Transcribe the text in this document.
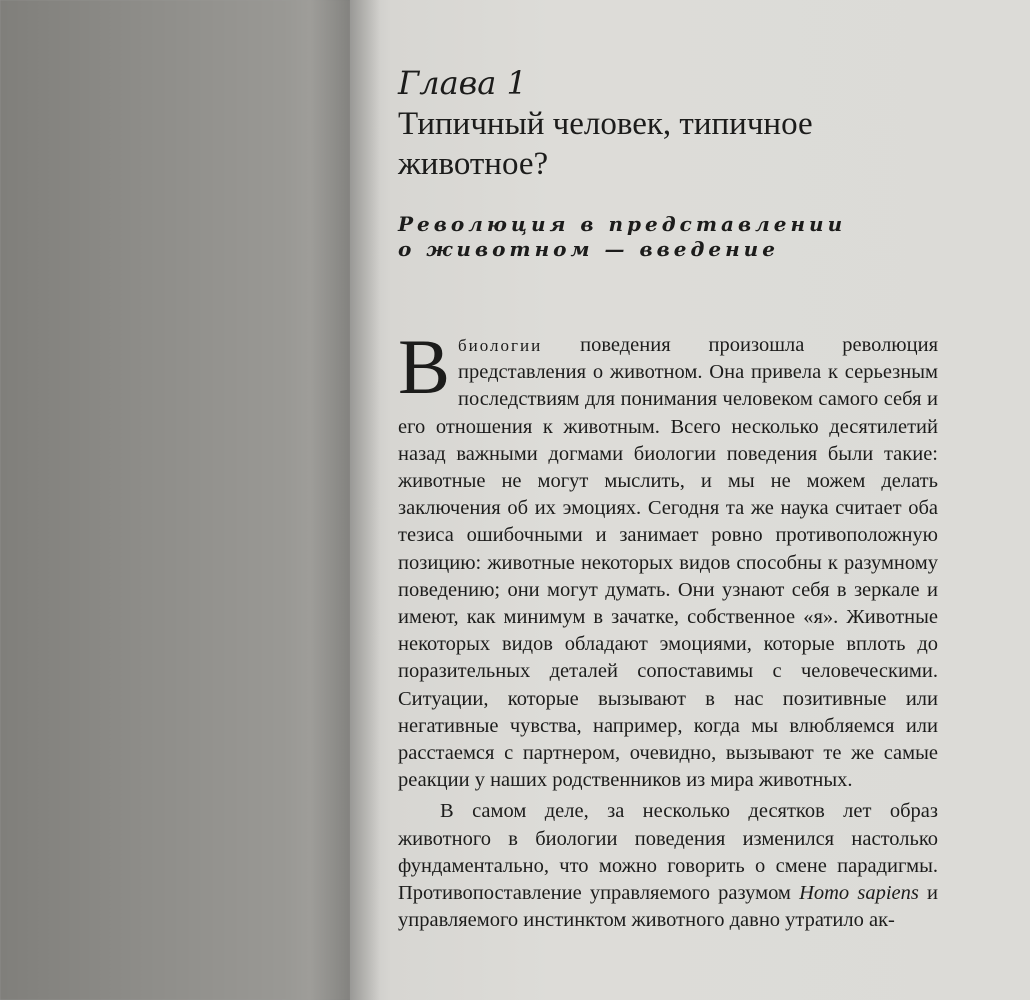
Глава 1

Типичный человек, типичное
животное?
Революция в представлении
о животном — введение

Вбиологии поведения произошла революция представления о животном. Она привела к серьезным последствиям для понимания человеком самого себя и его отношения к животным. Всего несколько десятилетий назад важными догмами биологии поведения были такие: животные не могут мыслить, и мы не можем делать заключения об их эмоциях. Сегодня та же наука считает оба тезиса ошибочными и занимает ровно противоположную позицию: животные некоторых видов способны к разумному поведению; они могут думать. Они узнают себя в зеркале и имеют, как минимум в зачатке, собственное «я». Животные некоторых видов обладают эмоциями, которые вплоть до поразительных деталей сопоставимы с человеческими. Ситуации, которые вызывают в нас позитивные или негативные чувства, например, когда мы влюбляемся или расстаемся с партнером, очевидно, вызывают те же самые реакции у наших родственников из мира животных.

В самом деле, за несколько десятков лет образ животного в биологии поведения изменился настолько фундаментально, что можно говорить о смене парадигмы. Противопоставление управляемого разумом Homo sapiens и управляемого инстинктом животного давно утратило ак-
